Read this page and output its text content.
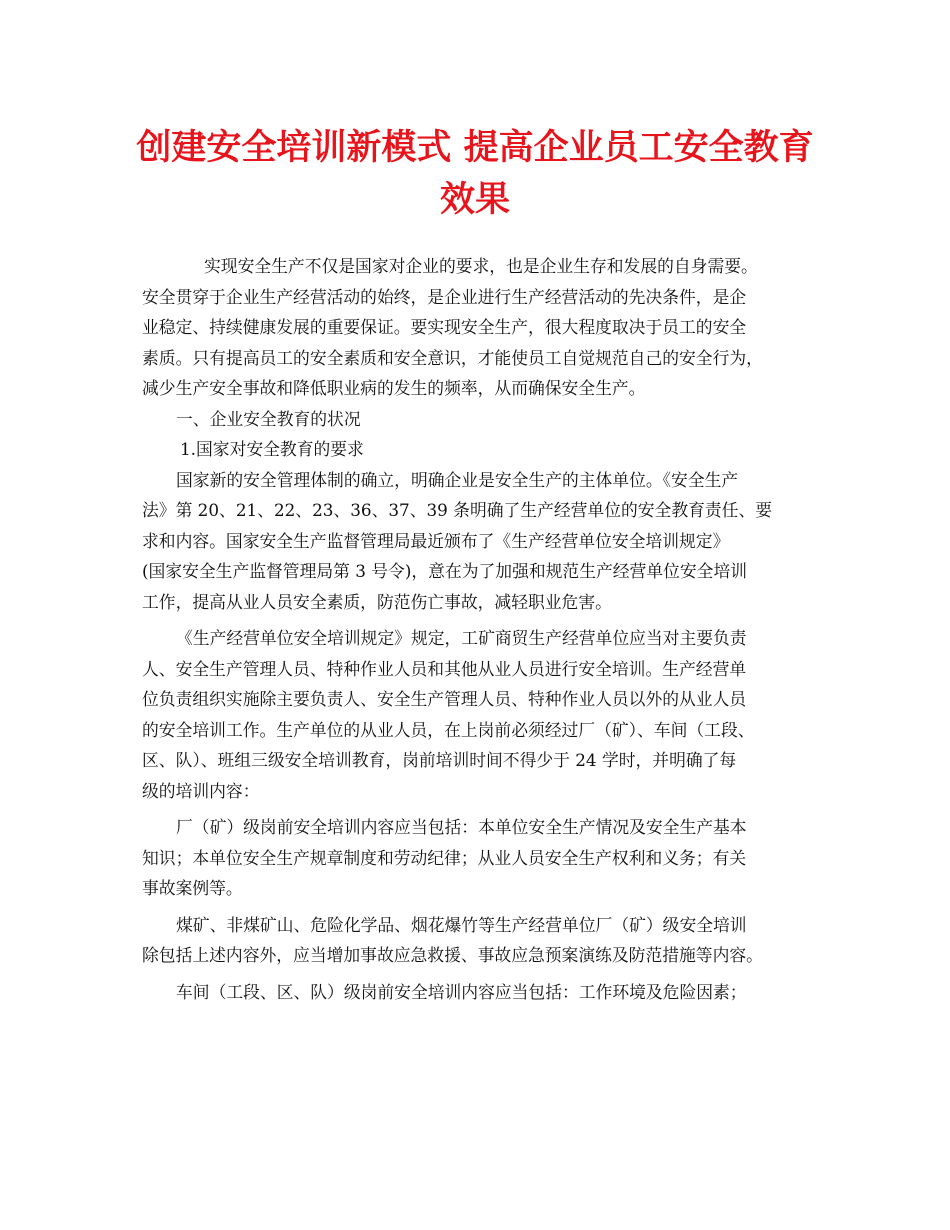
创建安全培训新模式 提高企业员工安全教育
效果
实现安全生产不仅是国家对企业的要求，也是企业生存和发展的自身需要。
安全贯穿于企业生产经营活动的始终，是企业进行生产经营活动的先决条件，是企
业稳定、持续健康发展的重要保证。要实现安全生产，很大程度取决于员工的安全
素质。只有提高员工的安全素质和安全意识，才能使员工自觉规范自己的安全行为，
减少生产安全事故和降低职业病的发生的频率，从而确保安全生产。
一、企业安全教育的状况
1.国家对安全教育的要求
国家新的安全管理体制的确立，明确企业是安全生产的主体单位。《安全生产
法》第 20、21、22、23、36、37、39 条明确了生产经营单位的安全教育责任、要
求和内容。国家安全生产监督管理局最近颁布了《生产经营单位安全培训规定》
(国家安全生产监督管理局第 3 号令)，意在为了加强和规范生产经营单位安全培训
工作，提高从业人员安全素质，防范伤亡事故，减轻职业危害。
《生产经营单位安全培训规定》规定，工矿商贸生产经营单位应当对主要负责
人、安全生产管理人员、特种作业人员和其他从业人员进行安全培训。生产经营单
位负责组织实施除主要负责人、安全生产管理人员、特种作业人员以外的从业人员
的安全培训工作。生产单位的从业人员，在上岗前必须经过厂（矿）、车间（工段、
区、队）、班组三级安全培训教育，岗前培训时间不得少于 24 学时，并明确了每
级的培训内容：
厂（矿）级岗前安全培训内容应当包括：本单位安全生产情况及安全生产基本
知识；本单位安全生产规章制度和劳动纪律；从业人员安全生产权利和义务；有关
事故案例等。
煤矿、非煤矿山、危险化学品、烟花爆竹等生产经营单位厂（矿）级安全培训
除包括上述内容外，应当增加事故应急救援、事故应急预案演练及防范措施等内容。
车间（工段、区、队）级岗前安全培训内容应当包括：工作环境及危险因素；
